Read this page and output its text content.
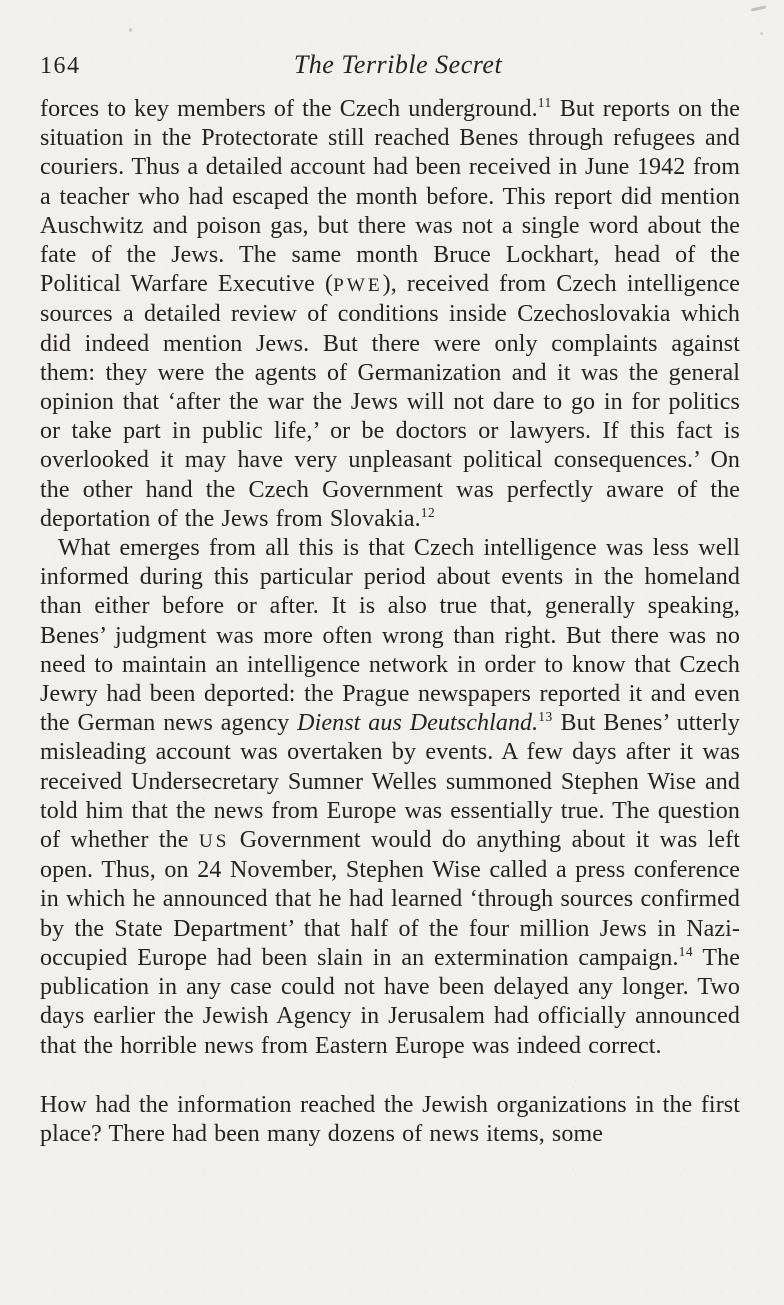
164	The Terrible Secret

forces to key members of the Czech underground.$^{11}$ But reports on the situation in the Protectorate still reached Benes through refugees and couriers. Thus a detailed account had been received in June 1942 from a teacher who had escaped the month before. This report did mention Auschwitz and poison gas, but there was not a single word about the fate of the Jews. The same month Bruce Lockhart, head of the Political Warfare Executive (PWE), received from Czech intelligence sources a detailed review of conditions inside Czechoslovakia which did indeed mention Jews. But there were only complaints against them: they were the agents of Germanization and it was the general opinion that ‘after the war the Jews will not dare to go in for politics or take part in public life,’ or be doctors or lawyers. If this fact is overlooked it may have very unpleasant political consequences.’ On the other hand the Czech Government was perfectly aware of the deportation of the Jews from Slovakia.$^{12}$

What emerges from all this is that Czech intelligence was less well informed during this particular period about events in the homeland than either before or after. It is also true that, generally speaking, Benes’ judgment was more often wrong than right. But there was no need to maintain an intelligence network in order to know that Czech Jewry had been deported: the Prague newspapers reported it and even the German news agency Dienst aus Deutschland.$^{13}$ But Benes’ utterly misleading account was overtaken by events. A few days after it was received Undersecretary Sumner Welles summoned Stephen Wise and told him that the news from Europe was essentially true. The question of whether the US Government would do anything about it was left open. Thus, on 24 November, Stephen Wise called a press conference in which he announced that he had learned ‘through sources confirmed by the State Department’ that half of the four million Jews in Nazi-occupied Europe had been slain in an extermination campaign.$^{14}$ The publication in any case could not have been delayed any longer. Two days earlier the Jewish Agency in Jerusalem had officially announced that the horrible news from Eastern Europe was indeed correct.

How had the information reached the Jewish organizations in the first place? There had been many dozens of news items, some
